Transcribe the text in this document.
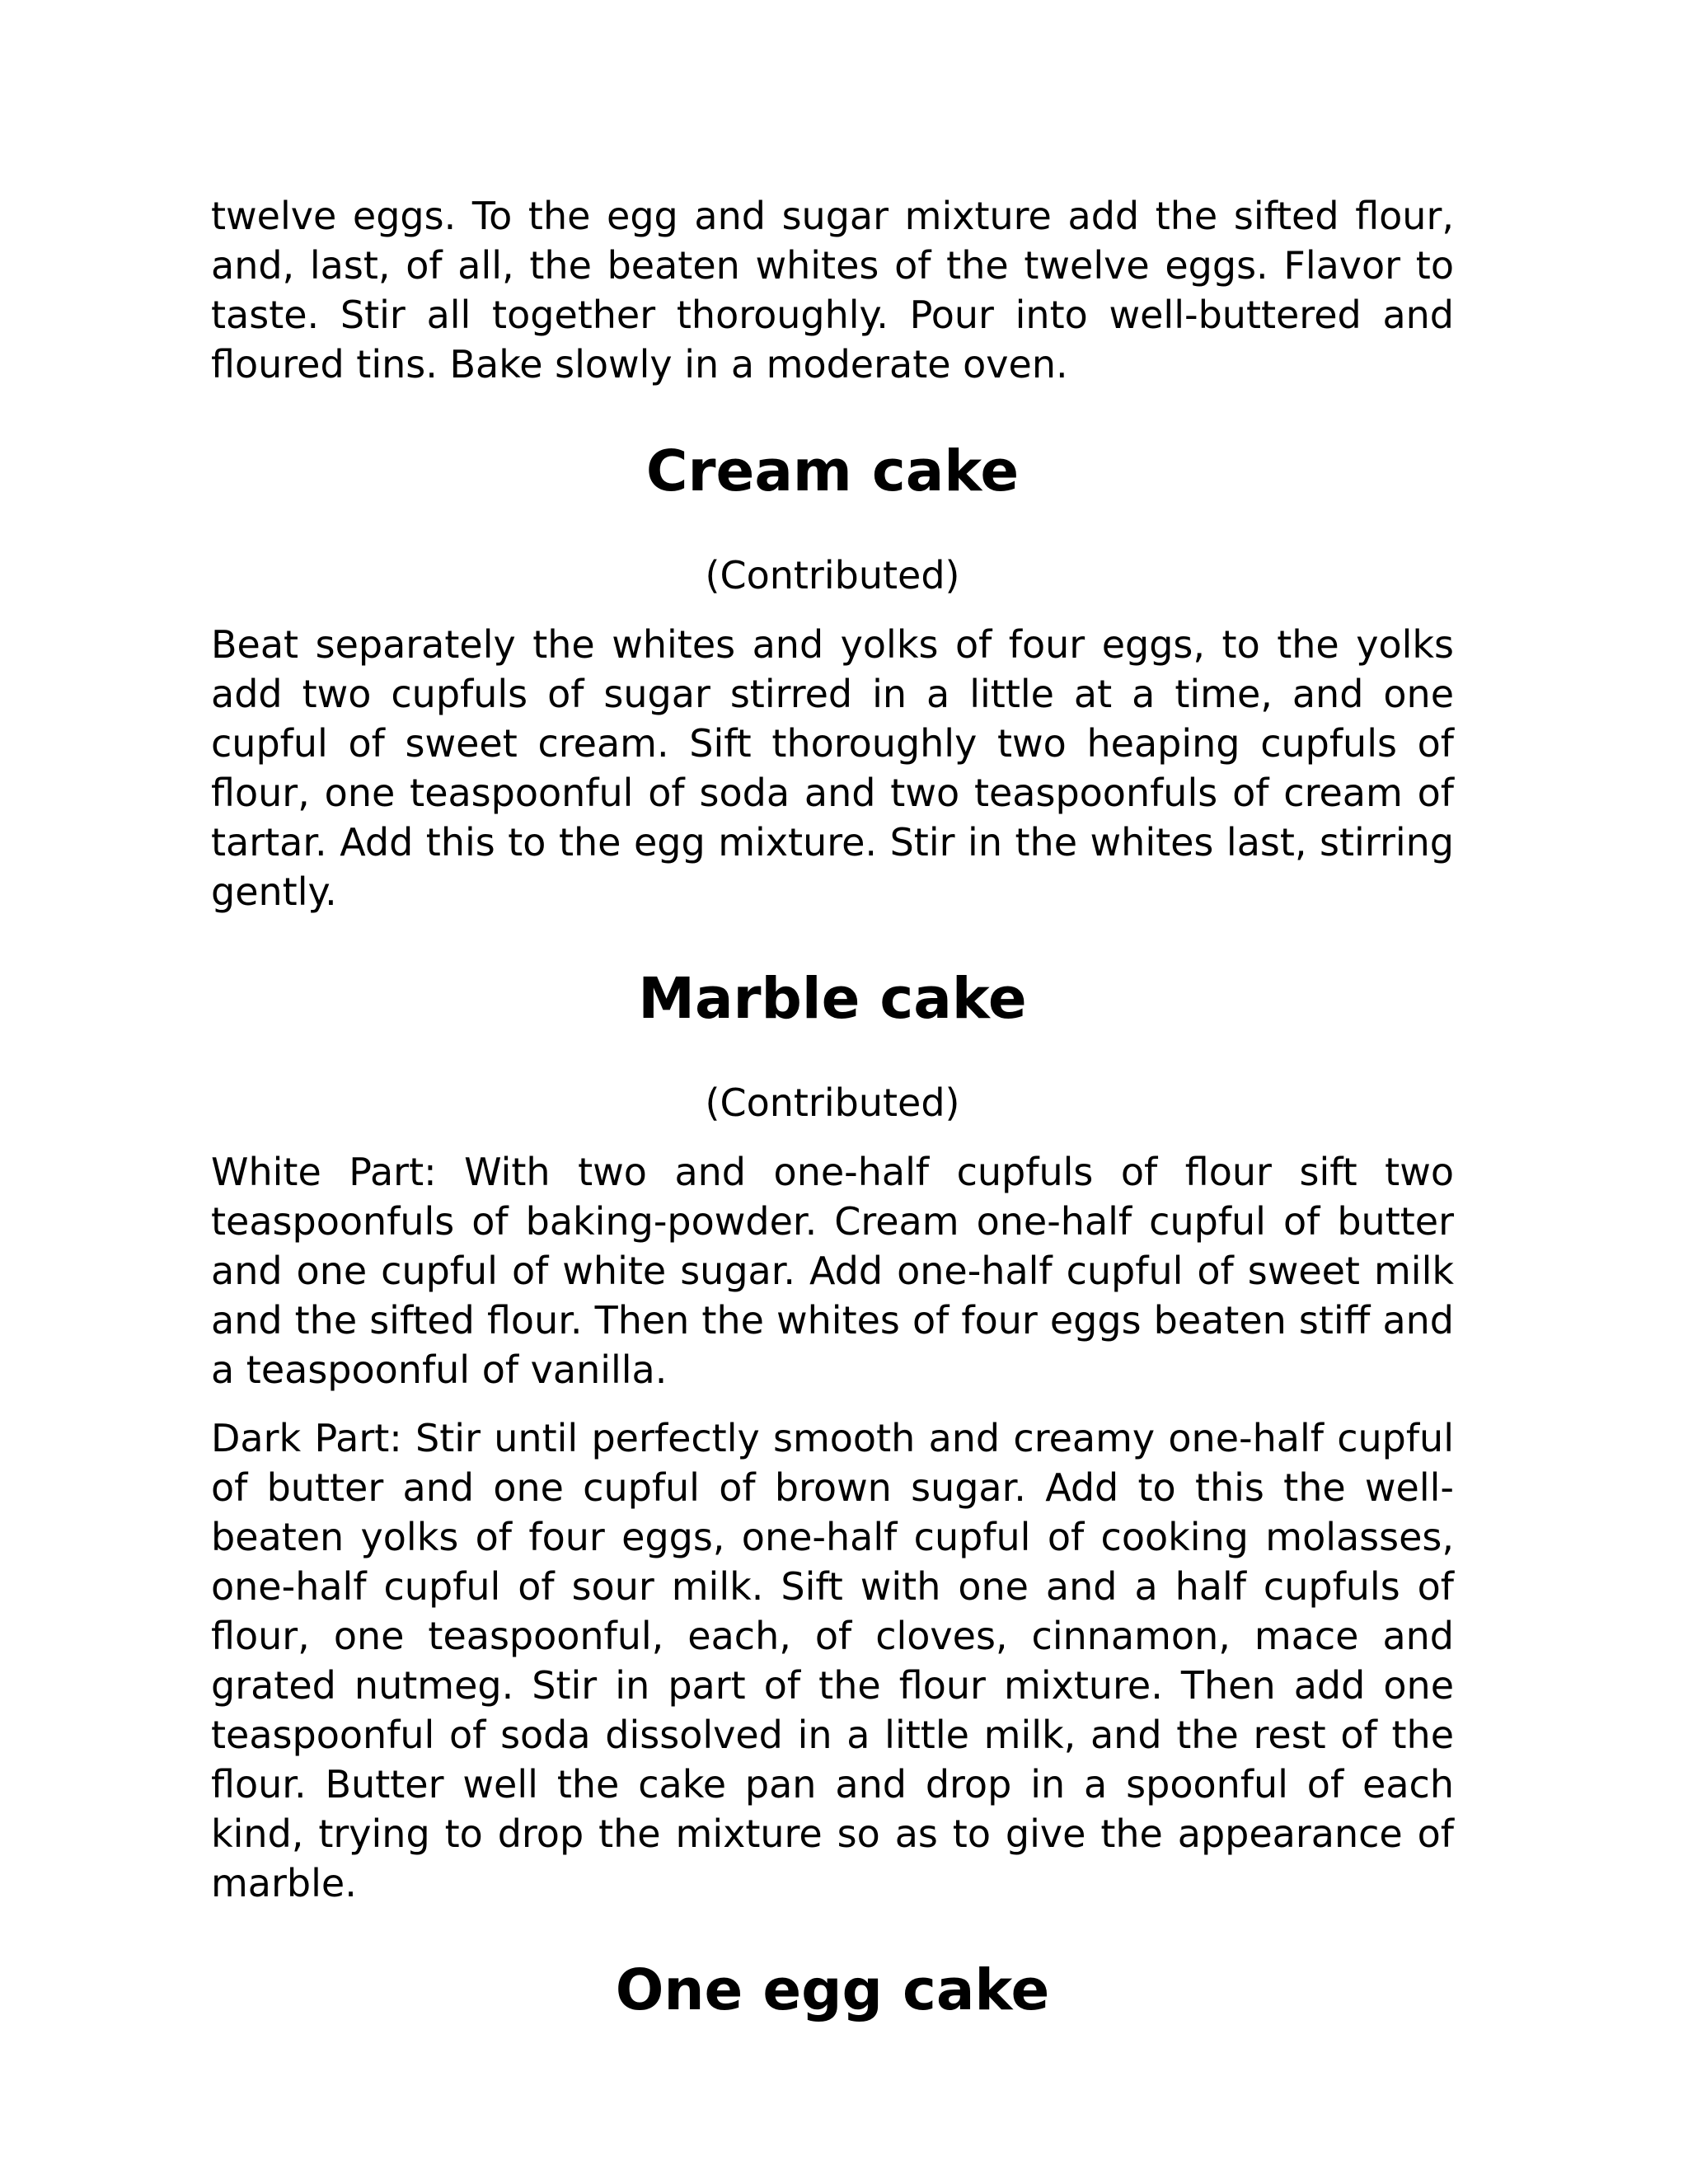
twelve eggs. To the egg and sugar mixture add the sifted flour, and, last, of all, the beaten whites of the twelve eggs. Flavor to taste. Stir all together thoroughly. Pour into well-buttered and floured tins. Bake slowly in a moderate oven.

Cream cake

(Contributed)

Beat separately the whites and yolks of four eggs, to the yolks add two cupfuls of sugar stirred in a little at a time, and one cupful of sweet cream. Sift thoroughly two heaping cupfuls of flour, one teaspoonful of soda and two teaspoonfuls of cream of tartar. Add this to the egg mixture. Stir in the whites last, stirring gently.

Marble cake

(Contributed)

White Part: With two and one-half cupfuls of flour sift two teaspoonfuls of baking-powder. Cream one-half cupful of butter and one cupful of white sugar. Add one-half cupful of sweet milk and the sifted flour. Then the whites of four eggs beaten stiff and a teaspoonful of vanilla.

Dark Part: Stir until perfectly smooth and creamy one-half cupful of butter and one cupful of brown sugar. Add to this the well-beaten yolks of four eggs, one-half cupful of cooking molasses, one-half cupful of sour milk. Sift with one and a half cupfuls of flour, one teaspoonful, each, of cloves, cinnamon, mace and grated nutmeg. Stir in part of the flour mixture. Then add one teaspoonful of soda dissolved in a little milk, and the rest of the flour. Butter well the cake pan and drop in a spoonful of each kind, trying to drop the mixture so as to give the appearance of marble.

One egg cake
